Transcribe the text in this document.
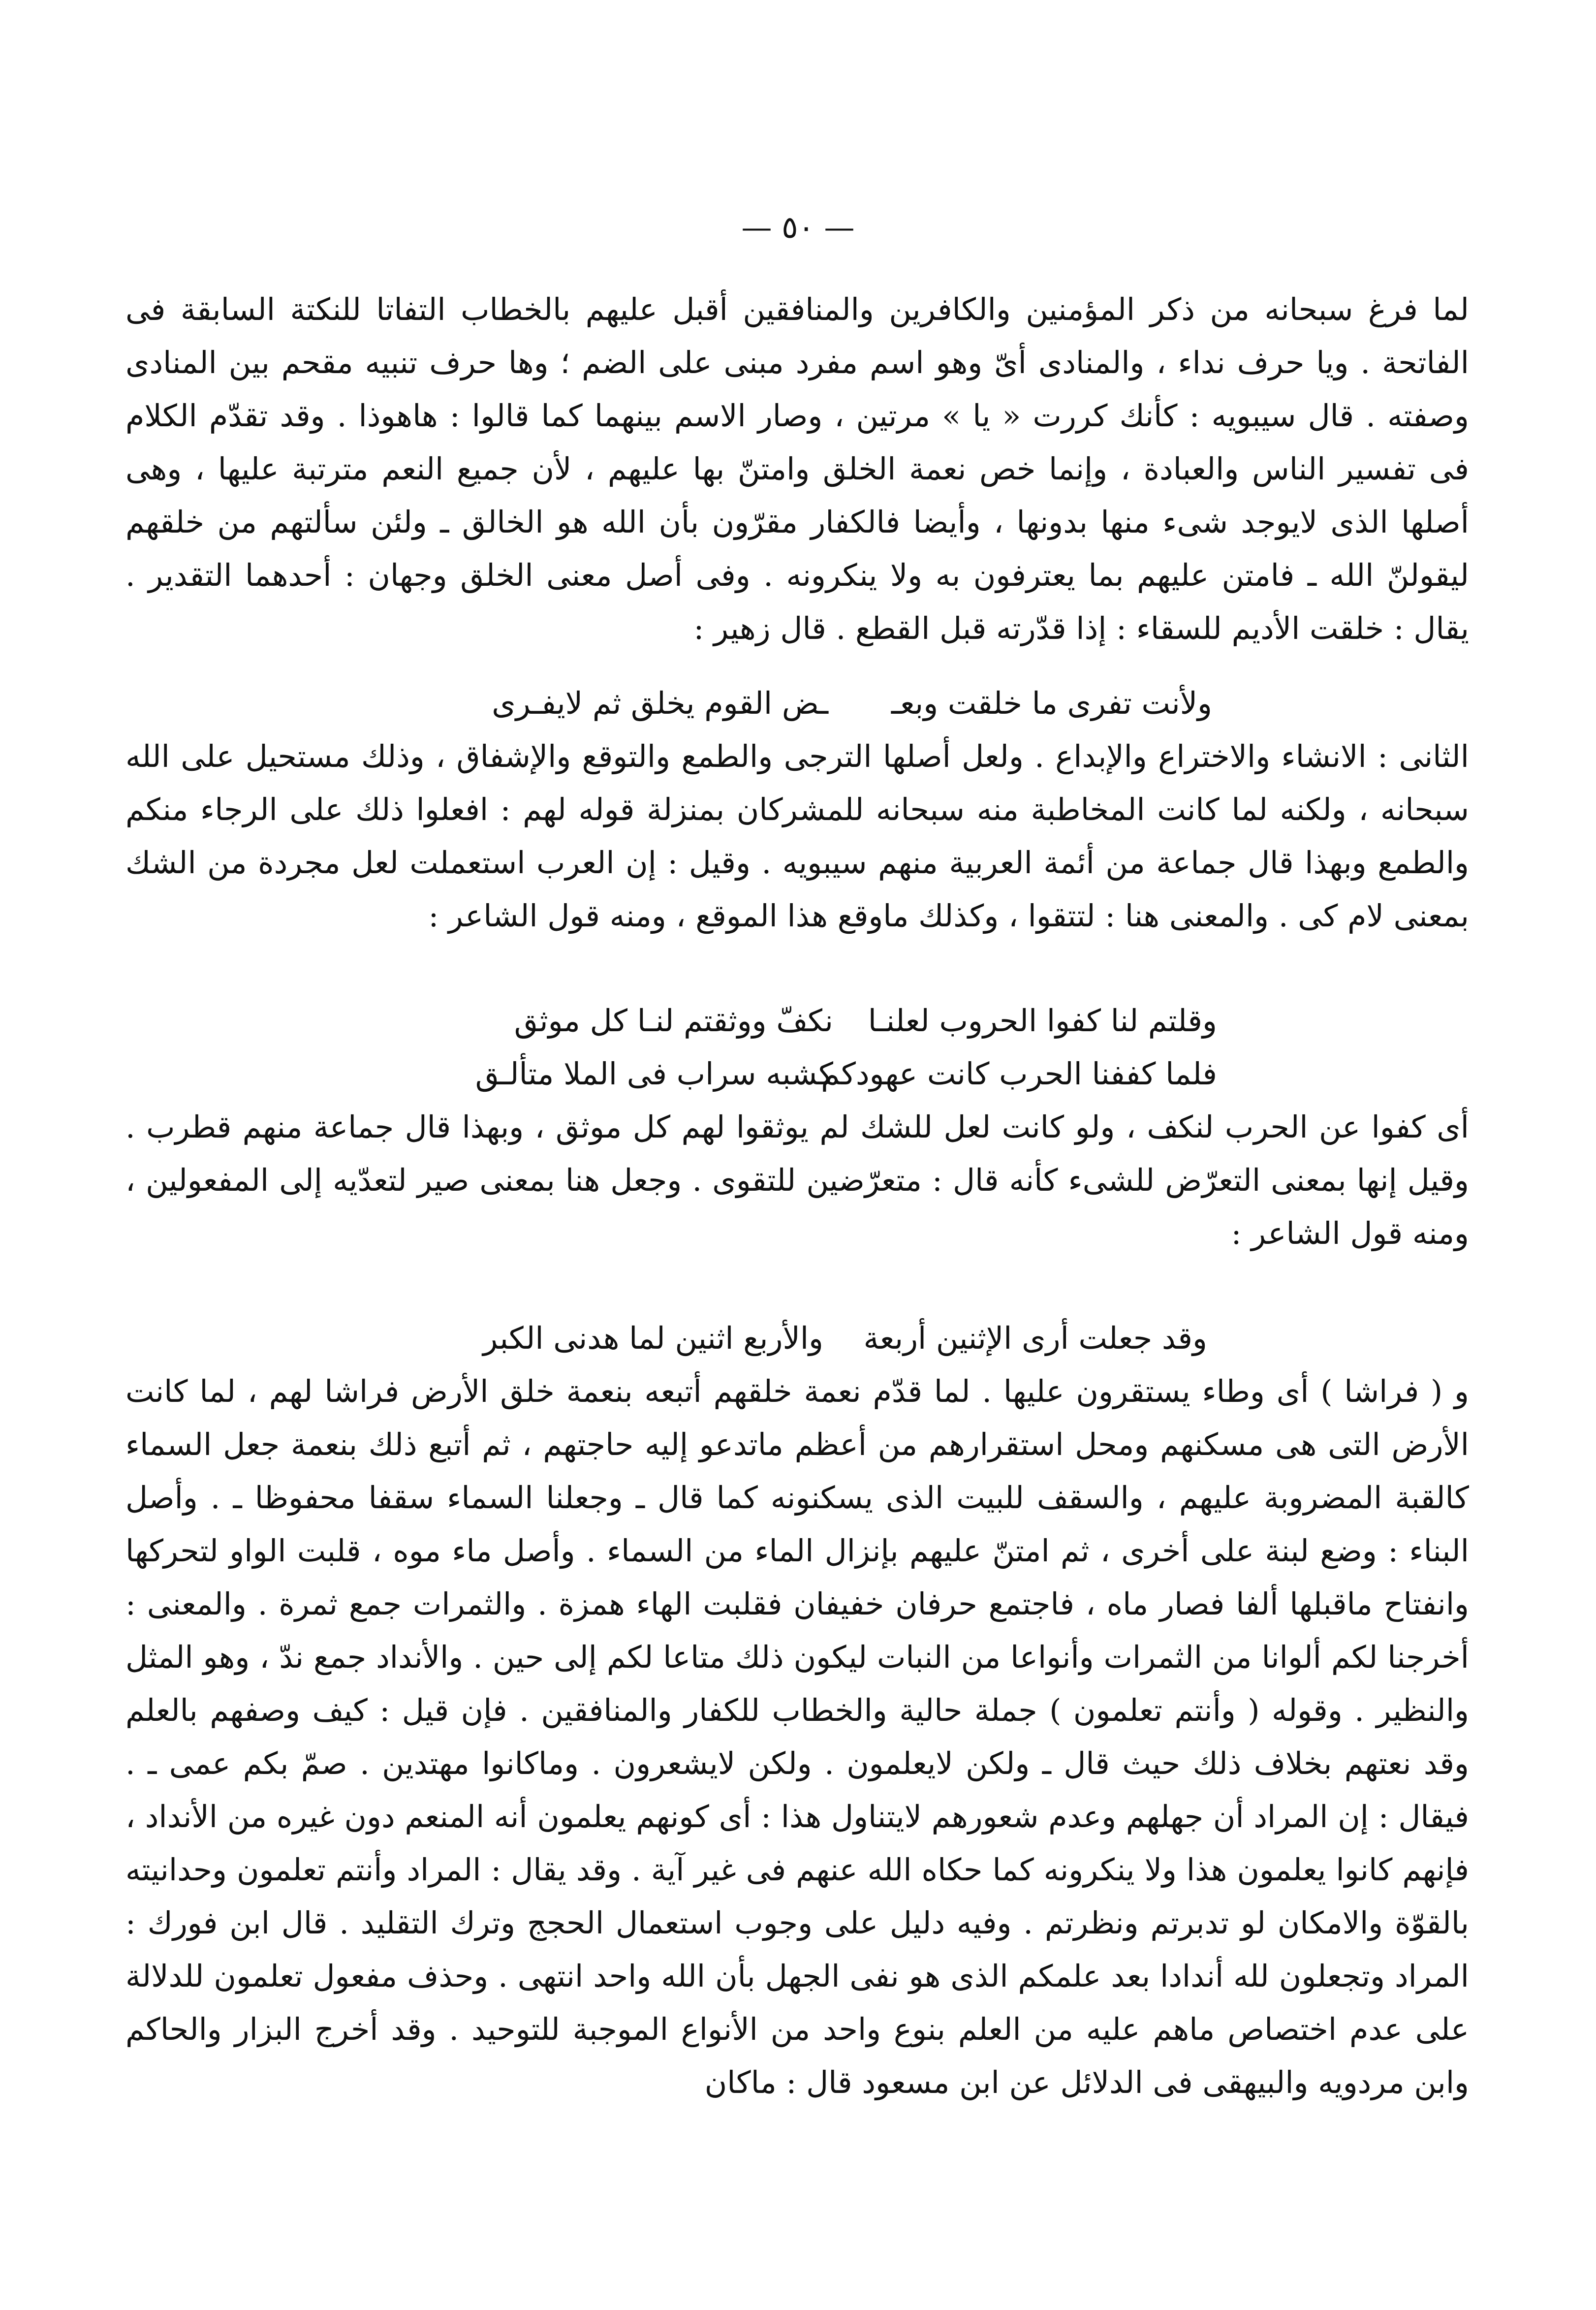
— ٥٠ —
لما فرغ سبحانه من ذكر المؤمنين والكافرين والمنافقين أقبل عليهم بالخطاب التفاتا للنكتة السابقة فى الفاتحة . ويا حرف نداء ، والمنادى أىّ وهو اسم مفرد مبنى على الضم ؛ وها حرف تنبيه مقحم بين المنادى وصفته . قال سيبويه : كأنك كررت « يا » مرتين ، وصار الاسم بينهما كما قالوا : هاهوذا . وقد تقدّم الكلام فى تفسير الناس والعبادة ، وإنما خص نعمة الخلق وامتنّ بها عليهم ، لأن جميع النعم مترتبة عليها ، وهى أصلها الذى لايوجد شىء منها بدونها ، وأيضا فالكفار مقرّون بأن الله هو الخالق ـ ولئن سألتهم من خلقهم ليقولنّ الله ـ فامتن عليهم بما يعترفون به ولا ينكرونه . وفى أصل معنى الخلق وجهان : أحدهما التقدير . يقال : خلقت الأديم للسقاء : إذا قدّرته قبل القطع . قال زهير :
ولأنت تفرى ما خلقت وبعـ
ـض القوم يخلق ثم لايفـرى
الثانى : الانشاء والاختراع والإبداع . ولعل أصلها الترجى والطمع والتوقع والإشفاق ، وذلك مستحيل على الله سبحانه ، ولكنه لما كانت المخاطبة منه سبحانه للمشركان بمنزلة قوله لهم : افعلوا ذلك على الرجاء منكم والطمع وبهذا قال جماعة من أئمة العربية منهم سيبويه . وقيل : إن العرب استعملت لعل مجردة من الشك بمعنى لام كى . والمعنى هنا : لتتقوا ، وكذلك ماوقع هذا الموقع ، ومنه قول الشاعر :
وقلتم لنا كفوا الحروب لعلنـا
نكفّ ووثقتم لنـا كل موثق
فلما كففنا الحرب كانت عهودكم
كشبه سراب فى الملا متألـق
أى كفوا عن الحرب لنكف ، ولو كانت لعل للشك لم يوثقوا لهم كل موثق ، وبهذا قال جماعة منهم قطرب . وقيل إنها بمعنى التعرّض للشىء كأنه قال : متعرّضين للتقوى . وجعل هنا بمعنى صير لتعدّيه إلى المفعولين ، ومنه قول الشاعر :
وقد جعلت أرى الإثنين أربعة
والأربع اثنين لما هدنى الكبر
و ( فراشا ) أى وطاء يستقرون عليها . لما قدّم نعمة خلقهم أتبعه بنعمة خلق الأرض فراشا لهم ، لما كانت الأرض التى هى مسكنهم ومحل استقرارهم من أعظم ماتدعو إليه حاجتهم ، ثم أتبع ذلك بنعمة جعل السماء كالقبة المضروبة عليهم ، والسقف للبيت الذى يسكنونه كما قال ـ وجعلنا السماء سقفا محفوظا ـ . وأصل البناء : وضع لبنة على أخرى ، ثم امتنّ عليهم بإنزال الماء من السماء . وأصل ماء موه ، قلبت الواو لتحركها وانفتاح ماقبلها ألفا فصار ماه ، فاجتمع حرفان خفيفان فقلبت الهاء همزة . والثمرات جمع ثمرة . والمعنى : أخرجنا لكم ألوانا من الثمرات وأنواعا من النبات ليكون ذلك متاعا لكم إلى حين . والأنداد جمع ندّ ، وهو المثل والنظير . وقوله ( وأنتم تعلمون ) جملة حالية والخطاب للكفار والمنافقين . فإن قيل : كيف وصفهم بالعلم وقد نعتهم بخلاف ذلك حيث قال ـ ولكن لايعلمون . ولكن لايشعرون . وماكانوا مهتدين . صمّ بكم عمى ـ . فيقال : إن المراد أن جهلهم وعدم شعورهم لايتناول هذا : أى كونهم يعلمون أنه المنعم دون غيره من الأنداد ، فإنهم كانوا يعلمون هذا ولا ينكرونه كما حكاه الله عنهم فى غير آية . وقد يقال : المراد وأنتم تعلمون وحدانيته بالقوّة والامكان لو تدبرتم ونظرتم . وفيه دليل على وجوب استعمال الحجج وترك التقليد . قال ابن فورك : المراد وتجعلون لله أندادا بعد علمكم الذى هو نفى الجهل بأن الله واحد انتهى . وحذف مفعول تعلمون للدلالة على عدم اختصاص ماهم عليه من العلم بنوع واحد من الأنواع الموجبة للتوحيد . وقد أخرج البزار والحاكم وابن مردويه والبيهقى فى الدلائل عن ابن مسعود قال : ماكان
